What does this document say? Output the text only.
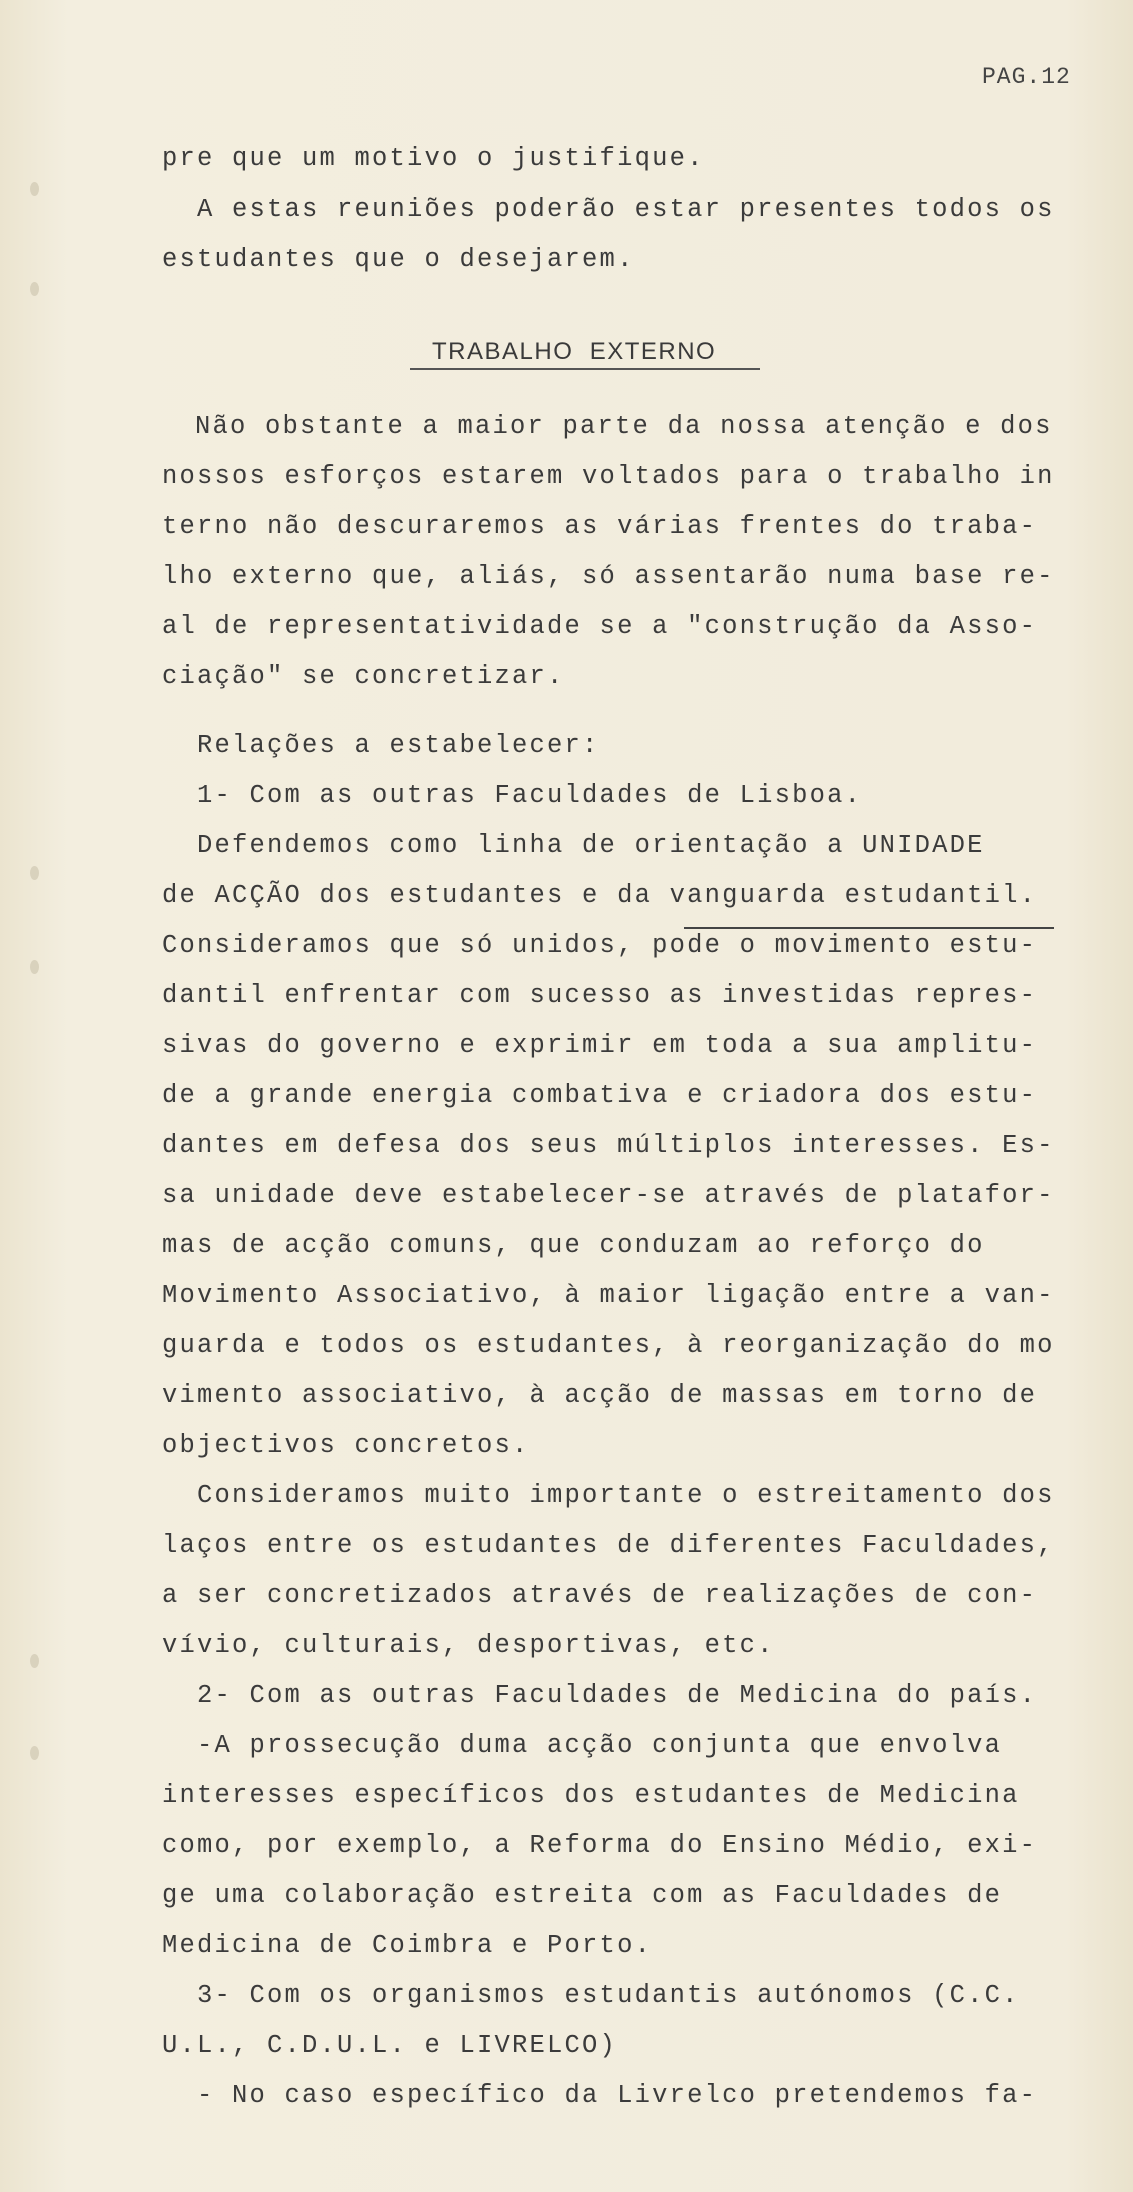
PAG.12
pre que um motivo o justifique.
A estas reuniões poderão estar presentes todos os
estudantes que o desejarem.
TRABALHO  EXTERNO
Não obstante a maior parte da nossa atenção e dos
nossos esforços estarem voltados para o trabalho in
terno não descuraremos as várias frentes do traba-
lho externo que, aliás, só assentarão numa base re-
al de representatividade se a "construção da Asso-
ciação" se concretizar.
Relações a estabelecer:
1- Com as outras Faculdades de Lisboa.
Defendemos como linha de orientação a UNIDADE
de ACÇÃO dos estudantes e da vanguarda estudantil.
Consideramos que só unidos, pode o movimento estu-
dantil enfrentar com sucesso as investidas repres-
sivas do governo e exprimir em toda a sua amplitu-
de a grande energia combativa e criadora dos estu-
dantes em defesa dos seus múltiplos interesses. Es-
sa unidade deve estabelecer-se através de platafor-
mas de acção comuns, que conduzam ao reforço do
Movimento Associativo, à maior ligação entre a van-
guarda e todos os estudantes, à reorganização do mo
vimento associativo, à acção de massas em torno de
objectivos concretos.
Consideramos muito importante o estreitamento dos
laços entre os estudantes de diferentes Faculdades,
a ser concretizados através de realizações de con-
vívio, culturais, desportivas, etc.
2- Com as outras Faculdades de Medicina do país.
-A prossecução duma acção conjunta que envolva
interesses específicos dos estudantes de Medicina
como, por exemplo, a Reforma do Ensino Médio, exi-
ge uma colaboração estreita com as Faculdades de
Medicina de Coimbra e Porto.
3- Com os organismos estudantis autónomos (C.C.
U.L., C.D.U.L. e LIVRELCO)
- No caso específico da Livrelco pretendemos fa-
